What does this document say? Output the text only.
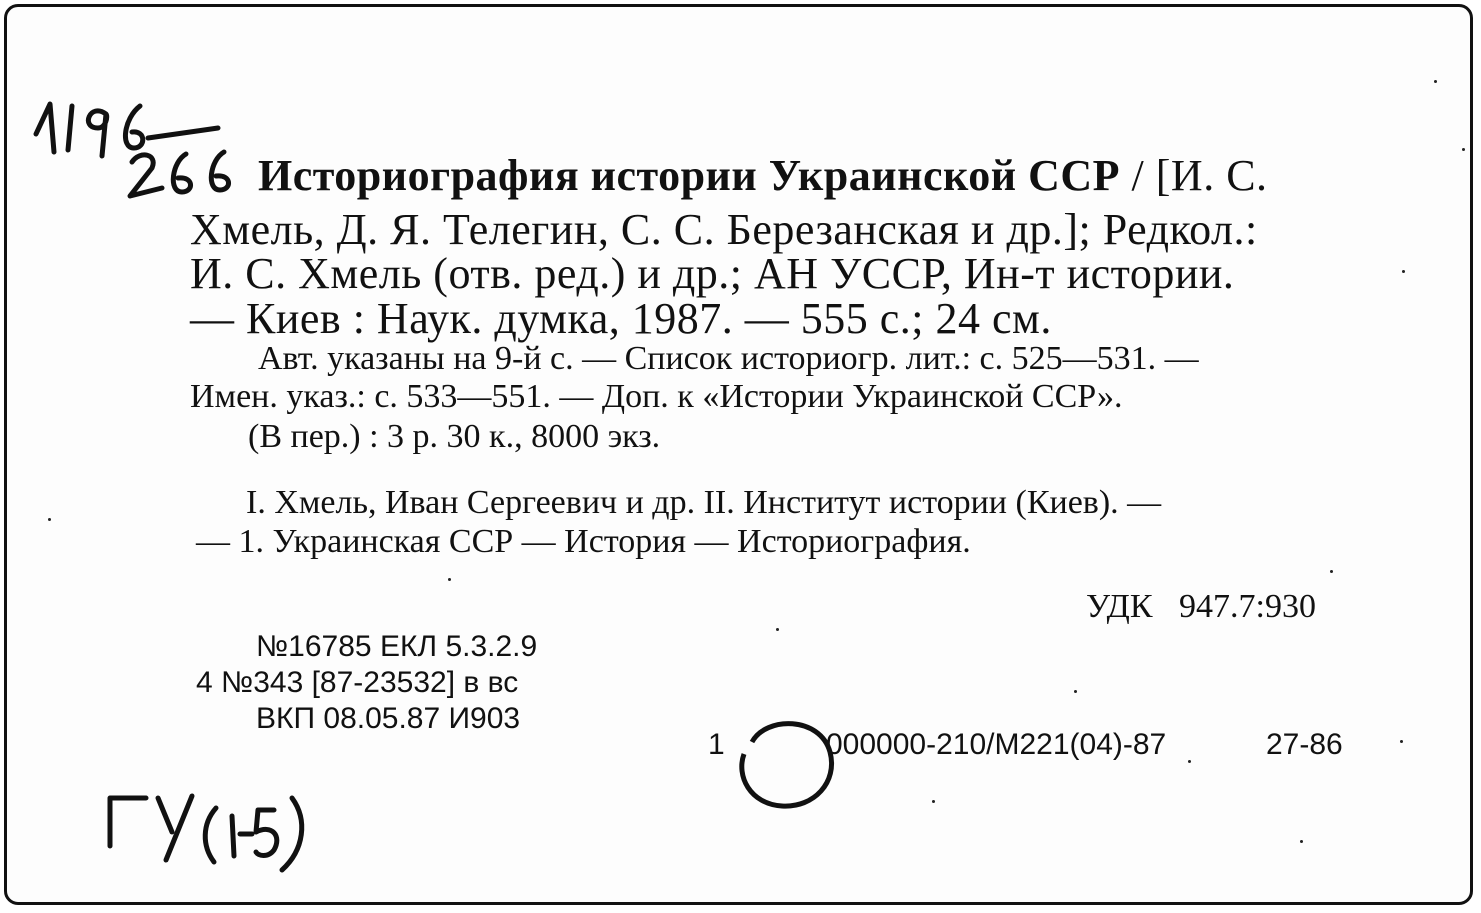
Историография истории Украинской ССР / [И. С.
Хмель, Д. Я. Телегин, С. С. Березанская и др.]; Редкол.:
И. С. Хмель (отв. ред.) и др.; АН УССР, Ин-т истории.
— Киев : Наук. думка, 1987. — 555 с.; 24 см.
Авт. указаны на 9-й с. — Список историогр. лит.: с. 525—531. —
Имен. указ.: с. 533—551. — Доп. к «Истории Украинской ССР».
(В пер.) : 3 р. 30 к., 8000 экз.
I. Хмель, Иван Сергеевич и др. II. Институт истории (Киев). —
— 1. Украинская ССР — История — Историография.
УДК 947.7:930
№16785 ЕКЛ 5.3.2.9
4 №343 [87-23532] в вс
ВКП 08.05.87 И903
1	000000-210/М221(04)-87	27-86
